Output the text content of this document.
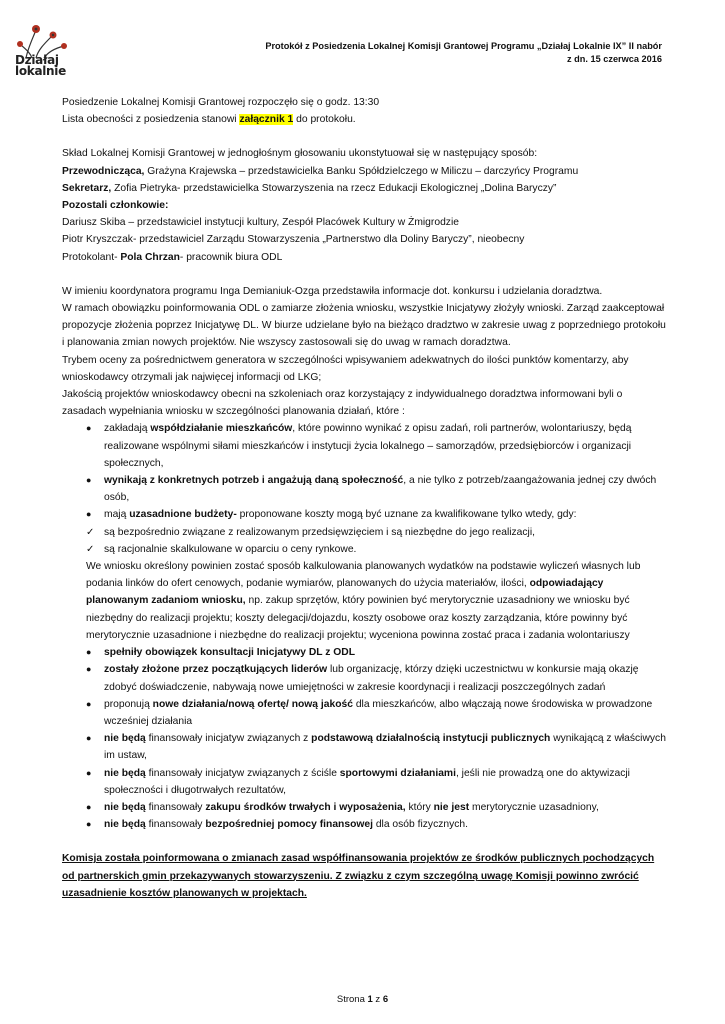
Działaj
lokalnie
Protokół z Posiedzenia Lokalnej Komisji Grantowej Programu „Działaj Lokalnie IX” II nabór
z dn. 15 czerwca 2016

Posiedzenie Lokalnej Komisji Grantowej rozpoczęło się o godz. 13:30

Lista obecności z posiedzenia stanowi załącznik 1 do protokołu.

Skład Lokalnej Komisji Grantowej w jednogłośnym głosowaniu ukonstytuował się w następujący sposób:

Przewodnicząca, Grażyna Krajewska – przedstawicielka Banku Spółdzielczego w Miliczu – darczyńcy Programu

Sekretarz, Zofia Pietryka- przedstawicielka Stowarzyszenia na rzecz Edukacji Ekologicznej „Dolina Baryczy”

Pozostali członkowie:

Dariusz Skiba – przedstawiciel instytucji kultury, Zespół Placówek Kultury w Żmigrodzie

Piotr Kryszczak- przedstawiciel Zarządu Stowarzyszenia „Partnerstwo dla Doliny Baryczy”, nieobecny

Protokolant- Pola Chrzan- pracownik biura ODL

W imieniu koordynatora programu Inga Demianiuk-Ozga przedstawiła informacje dot. konkursu i udzielania doradztwa.

W ramach obowiązku poinformowania ODL o zamiarze złożenia wniosku, wszystkie Inicjatywy złożyły wnioski. Zarząd zaakceptował propozycje złożenia poprzez Inicjatywę DL. W biurze udzielane było na bieżąco dradztwo w zakresie uwag z poprzedniego protokołu i planowania zmian nowych projektów. Nie wszyscy zastosowali się do uwag w ramach doradztwa.

Trybem oceny za pośrednictwem generatora w szczególności wpisywaniem adekwatnych do ilości punktów komentarzy, aby wnioskodawcy otrzymali jak najwięcej informacji od LKG;

Jakością projektów wnioskodawcy obecni na szkoleniach oraz korzystający z indywidualnego doradztwa informowani byli o zasadach wypełniania wniosku w szczególności planowania działań, które :

● zakładają współdziałanie mieszkańców, które powinno wynikać z opisu zadań, roli partnerów, wolontariuszy, będą realizowane wspólnymi siłami mieszkańców i instytucji życia lokalnego – samorządów, przedsiębiorców i organizacji społecznych,
● wynikają z konkretnych potrzeb i angażują daną społeczność, a nie tylko z potrzeb/zaangażowania jednej czy dwóch osób,
● mają uzasadnione budżety- proponowane koszty mogą być uznane za kwalifikowane tylko wtedy, gdy:
✓ są bezpośrednio związane z realizowanym przedsięwzięciem i są niezbędne do jego realizacji,
✓ są racjonalnie skalkulowane w oparciu o ceny rynkowe.

We wniosku określony powinien zostać sposób kalkulowania planowanych wydatków na podstawie wyliczeń własnych lub podania linków do ofert cenowych, podanie wymiarów, planowanych do użycia materiałów, ilości, odpowiadający planowanym zadaniom wniosku, np. zakup sprzętów, który powinien być merytorycznie uzasadniony we wniosku być niezbędny do realizacji projektu; koszty delegacji/dojazdu, koszty osobowe oraz koszty zarządzania, które powinny być merytorycznie uzasadnione i niezbędne do realizacji projektu; wyceniona powinna zostać praca i zadania wolontariuszy

● spełniły obowiązek konsultacji Inicjatywy DL z ODL
● zostały złożone przez początkujących liderów lub organizację, którzy dzięki uczestnictwu w konkursie mają okazję zdobyć doświadczenie, nabywają nowe umiejętności w zakresie koordynacji i realizacji poszczególnych zadań
● proponują nowe działania/nową ofertę/ nową jakość dla mieszkańców, albo włączają nowe środowiska w prowadzone wcześniej działania
● nie będą finansowały inicjatyw związanych z podstawową działalnością instytucji publicznych wynikającą z właściwych im ustaw,
● nie będą finansowały inicjatyw związanych z ściśle sportowymi działaniami, jeśli nie prowadzą one do aktywizacji społeczności i długotrwałych rezultatów,
● nie będą finansowały zakupu środków trwałych i wyposażenia, który nie jest merytorycznie uzasadniony,
● nie będą finansowały bezpośredniej pomocy finansowej dla osób fizycznych.

Komisja została poinformowana o zmianach zasad współfinansowania projektów ze środków publicznych pochodzących od partnerskich gmin przekazywanych stowarzyszeniu. Z związku z czym szczególną uwagę Komisji powinno zwrócić uzasadnienie kosztów planowanych w projektach.

Strona 1 z 6
